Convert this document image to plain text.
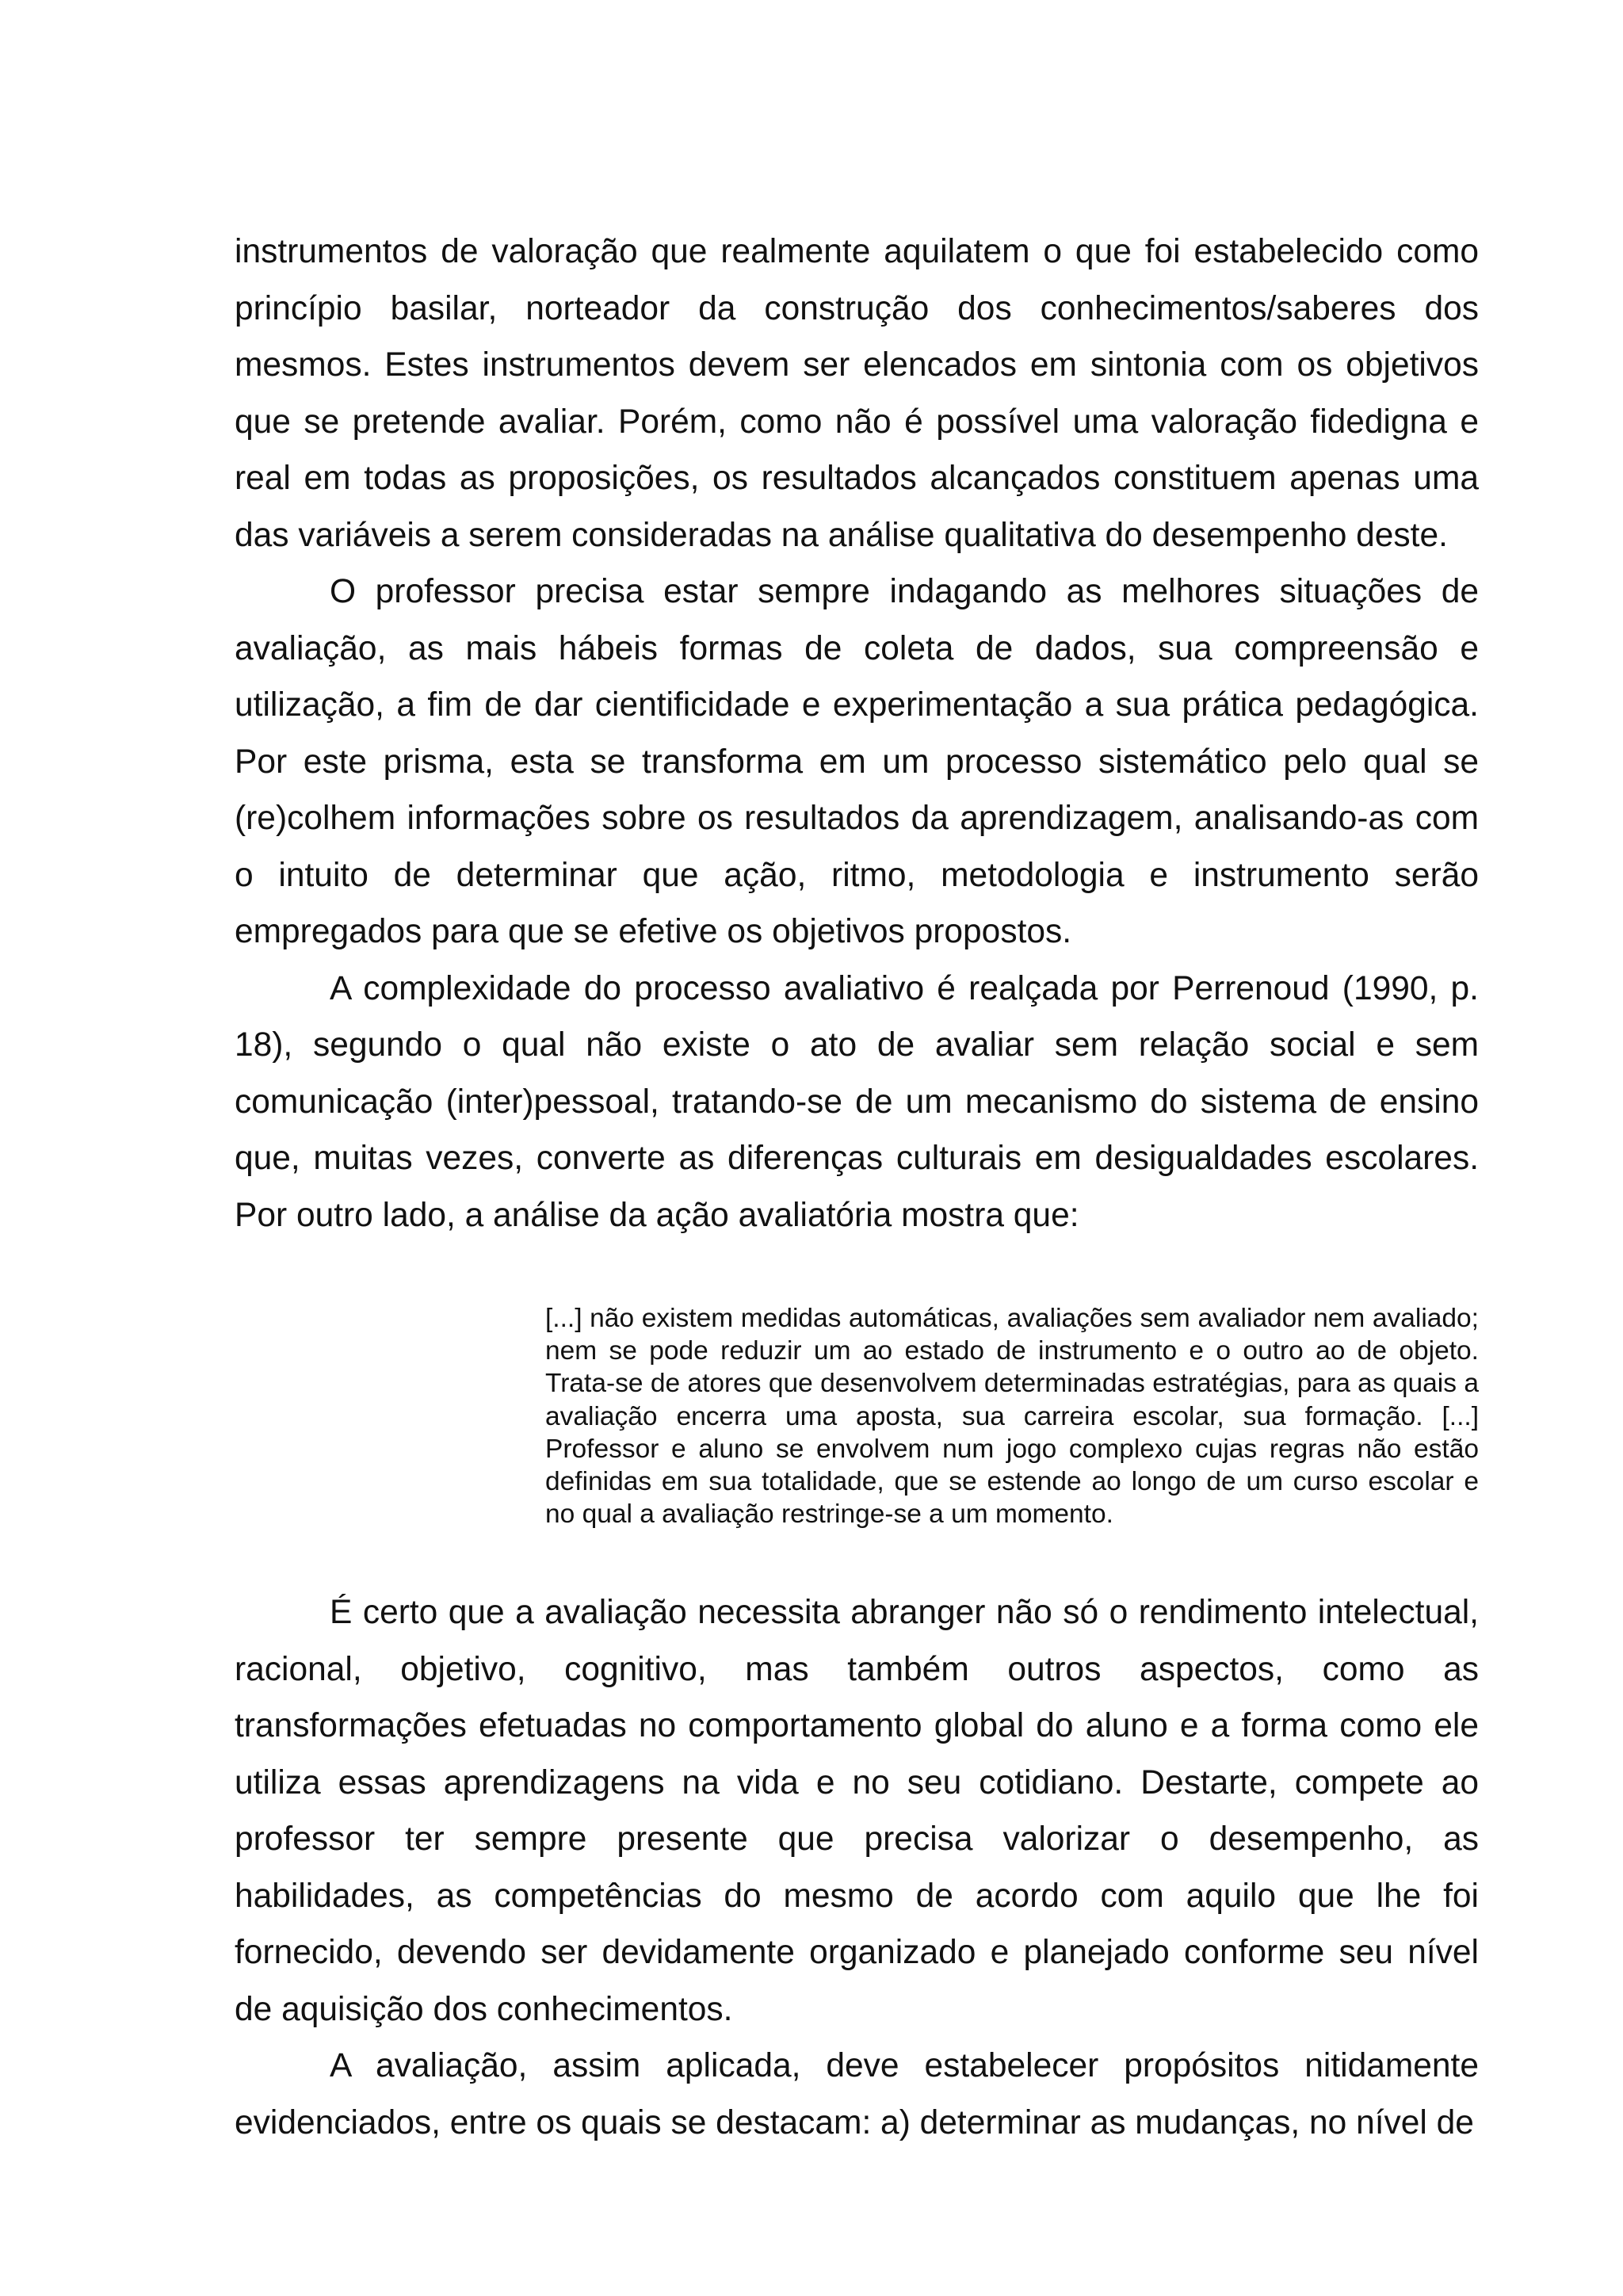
instrumentos de valoração que realmente aquilatem o que foi estabelecido como princípio basilar, norteador da construção dos conhecimentos/saberes dos mesmos. Estes instrumentos devem ser elencados em sintonia com os objetivos que se pretende avaliar. Porém, como não é possível uma valoração fidedigna e real em todas as proposições, os resultados alcançados constituem apenas uma das variáveis a serem consideradas na análise qualitativa do desempenho deste.

O professor precisa estar sempre indagando as melhores situações de avaliação, as mais hábeis formas de coleta de dados, sua compreensão e utilização, a fim de dar cientificidade e experimentação a sua prática pedagógica. Por este prisma, esta se transforma em um processo sistemático pelo qual se (re)colhem informações sobre os resultados da aprendizagem, analisando-as com o intuito de determinar que ação, ritmo, metodologia e instrumento serão empregados para que se efetive os objetivos propostos.

A complexidade do processo avaliativo é realçada por Perrenoud (1990, p. 18), segundo o qual não existe o ato de avaliar sem relação social e sem comunicação (inter)pessoal, tratando-se de um mecanismo do sistema de ensino que, muitas vezes, converte as diferenças culturais em desigualdades escolares. Por outro lado, a análise da ação avaliatória mostra que:

[...] não existem medidas automáticas, avaliações sem avaliador nem avaliado; nem se pode reduzir um ao estado de instrumento e o outro ao de objeto. Trata-se de atores que desenvolvem determinadas estratégias, para as quais a avaliação encerra uma aposta, sua carreira escolar, sua formação. [...] Professor e aluno se envolvem num jogo complexo cujas regras não estão definidas em sua totalidade, que se estende ao longo de um curso escolar e no qual a avaliação restringe-se a um momento.

É certo que a avaliação necessita abranger não só o rendimento intelectual, racional, objetivo, cognitivo, mas também outros aspectos, como as transformações efetuadas no comportamento global do aluno e a forma como ele utiliza essas aprendizagens na vida e no seu cotidiano. Destarte, compete ao professor ter sempre presente que precisa valorizar o desempenho, as habilidades, as competências do mesmo de acordo com aquilo que lhe foi fornecido, devendo ser devidamente organizado e planejado conforme seu nível de aquisição dos conhecimentos.

A avaliação, assim aplicada, deve estabelecer propósitos nitidamente evidenciados, entre os quais se destacam: a) determinar as mudanças, no nível de
